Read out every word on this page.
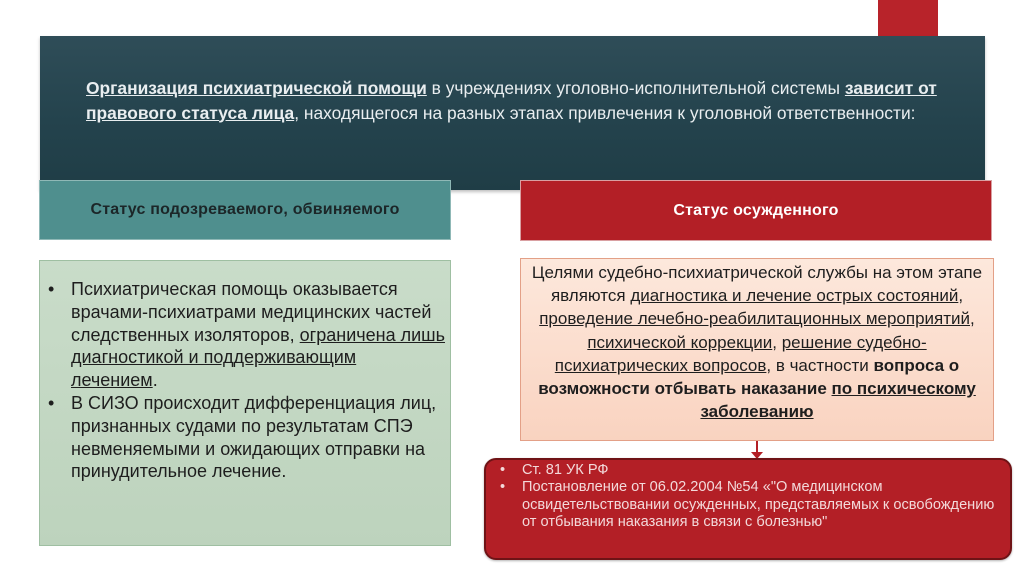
Организация психиатрической помощи в учреждениях уголовно-исполнительной системы зависит от правового статуса лица, находящегося на разных этапах привлечения к уголовной ответственности:
Статус подозреваемого, обвиняемого	Статус осужденного
• Психиатрическая помощь оказывается врачами-психиатрами медицинских частей следственных изоляторов, ограничена лишь диагностикой и поддерживающим лечением.
• В СИЗО происходит дифференциация лиц, признанных судами по результатам СПЭ невменяемыми и ожидающих отправки на принудительное лечение.
Целями судебно-психиатрической службы на этом этапе являются диагностика и лечение острых состояний, проведение лечебно-реабилитационных мероприятий, психической коррекции, решение судебно-психиатрических вопросов, в частности вопроса о возможности отбывать наказание по психическому заболеванию
• Ст. 81 УК РФ
• Постановление от 06.02.2004 №54 «"О медицинском освидетельствовании осужденных, представляемых к освобождению от отбывания наказания в связи с болезнью"
